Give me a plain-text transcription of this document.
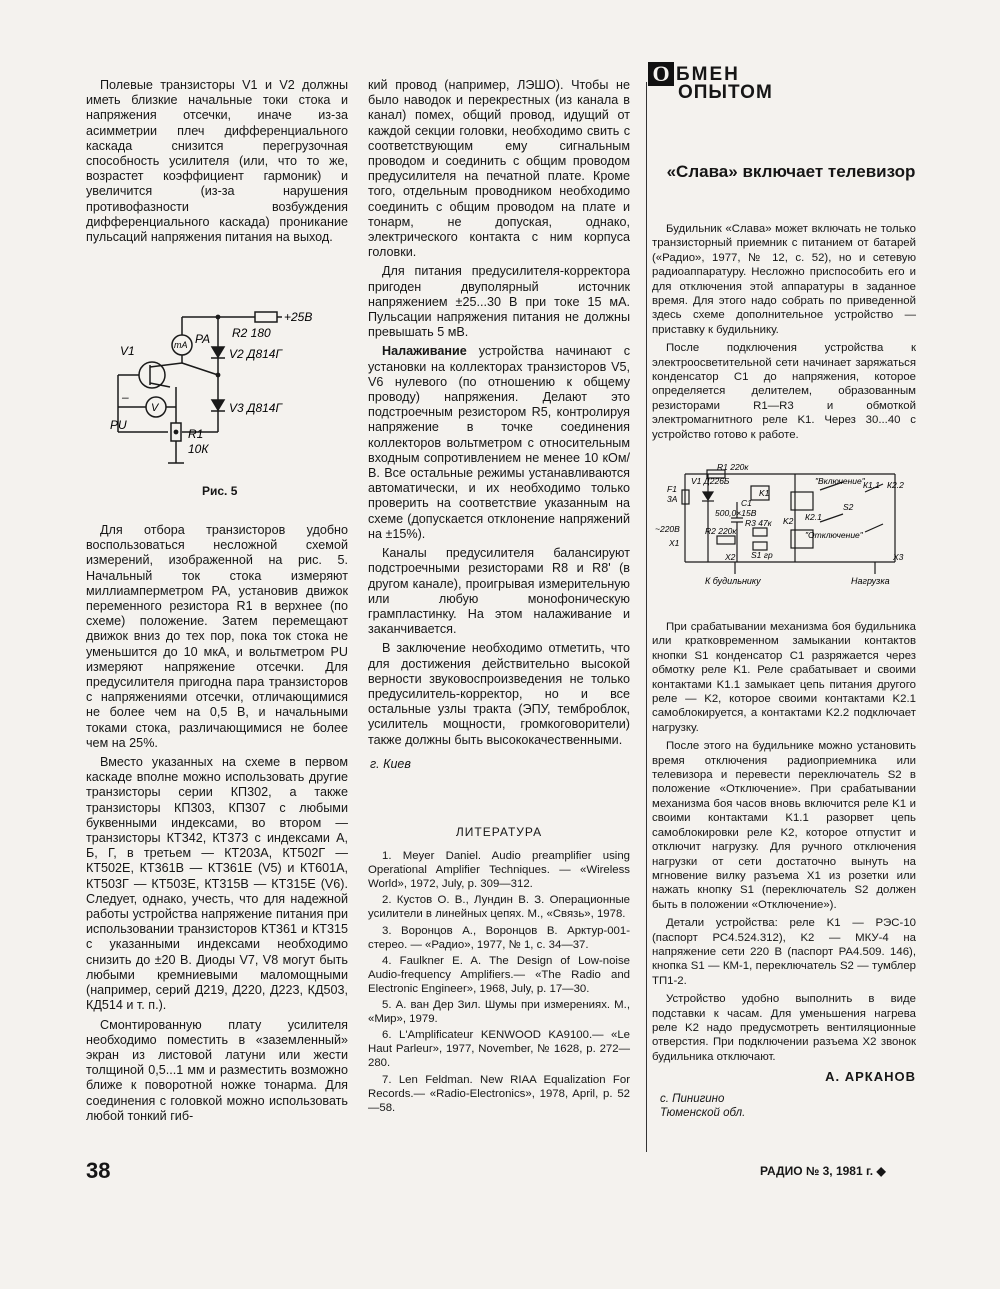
Полевые транзисторы V1 и V2 должны иметь близкие начальные токи стока и напряжения отсечки, иначе из-за асимметрии плеч дифференциального каскада снизится перегрузочная способность усилителя (или, что то же, возрастет коэффициент гармоник) и увеличится (из-за нарушения противофазности возбуждения дифференциального каскада) проникание пульсаций напряжения питания на выход.

+25В
R2 180
V2 Д814Г
V3 Д814Г
V1
PA
mA
V
PU
R1
10К
–
Рис. 5

Для отбора транзисторов удобно воспользоваться несложной схемой измерений, изображенной на рис. 5. Начальный ток стока измеряют миллиамперметром PA, установив движок переменного резистора R1 в верхнее (по схеме) положение. Затем перемещают движок вниз до тех пор, пока ток стока не уменьшится до 10 мкА, и вольтметром PU измеряют напряжение отсечки. Для предусилителя пригодна пара транзисторов с напряжениями отсечки, отличающимися не более чем на 0,5 В, и начальными токами стока, различающимися не более чем на 25%.

Вместо указанных на схеме в первом каскаде вполне можно использовать другие транзисторы серии КП302, а также транзисторы КП303, КП307 с любыми буквенными индексами, во втором — транзисторы КТ342, КТ373 с индексами А, Б, Г, в третьем — КТ203А, КТ502Г — КТ502Е, КТ361В — КТ361Е (V5) и КТ601А, КТ503Г — КТ503Е, КТ315В — КТ315Е (V6). Следует, однако, учесть, что для надежной работы устройства напряжение питания при использовании транзисторов КТ361 и КТ315 с указанными индексами необходимо снизить до ±20 В. Диоды V7, V8 могут быть любыми кремниевыми маломощными (например, серий Д219, Д220, Д223, КД503, КД514 и т. п.).

Смонтированную плату усилителя необходимо поместить в «заземленный» экран из листовой латуни или жести толщиной 0,5...1 мм и разместить возможно ближе к поворотной ножке тонарма. Для соединения с головкой можно использовать любой тонкий гиб-

кий провод (например, ЛЭШО). Чтобы не было наводок и перекрестных (из канала в канал) помех, общий провод, идущий от каждой секции головки, необходимо свить с соответствующим ему сигнальным проводом и соединить с общим проводом предусилителя на печатной плате. Кроме того, отдельным проводником необходимо соединить с общим проводом на плате и тонарм, не допуская, однако, электрического контакта с ним корпуса головки.

Для питания предусилителя-корректора пригоден двуполярный источник напряжением ±25...30 В при токе 15 мА. Пульсации напряжения питания не должны превышать 5 мВ.

Налаживание устройства начинают с установки на коллекторах транзисторов V5, V6 нулевого (по отношению к общему проводу) напряжения. Делают это подстроечным резистором R5, контролируя напряжение в точке соединения коллекторов вольтметром с относительным входным сопротивлением не менее 10 кОм/В. Все остальные режимы устанавливаются автоматически, и их необходимо только проверить на соответствие указанным на схеме (допускается отклонение напряжений на ±15%).

Каналы предусилителя балансируют подстроечными резисторами R8 и R8' (в другом канале), проигрывая измерительную или любую монофоническую грампластинку. На этом налаживание и заканчивается.

В заключение необходимо отметить, что для достижения действительно высокой верности звуковоспроизведения не только предусилитель-корректор, но и все остальные узлы тракта (ЭПУ, темброблок, усилитель мощности, громкоговорители) также должны быть высококачественными.

г. Киев
ЛИТЕРАТУРА
1. Meyer Daniel. Audio preamplifier using Operational Amplifier Techniques. — «Wireless World», 1972, July, p. 309—312.
2. Кустов О. В., Лундин В. З. Операционные усилители в линейных цепях. М., «Связь», 1978.
3. Воронцов А., Воронцов В. Арктур-001-стерео. — «Радио», 1977, № 1, с. 34—37.
4. Faulkner E. A. The Design of Low-noise Audio-frequency Amplifiers.— «The Radio and Electronic Engineer», 1968, July, p. 17—30.
5. А. ван Дер Зил. Шумы при измерениях. М., «Мир», 1979.
6. L'Amplificateur KENWOOD KA9100.— «Le Haut Parleur», 1977, November, № 1628, p. 272—280.
7. Len Feldman. New RIAA Equalization For Records.— «Radio-Electronics», 1978, April, p. 52—58.
О БМЕН
ОПЫТОМ
«Слава» включает телевизор

Будильник «Слава» может включать не только транзисторный приемник с питанием от батарей («Радио», 1977, № 12, с. 52), но и сетевую радиоаппаратуру. Несложно приспособить его и для отключения этой аппаратуры в заданное время. Для этого надо собрать по приведенной здесь схеме дополнительное устройство — приставку к будильнику.

После подключения устройства к электроосветительной сети начинает заряжаться конденсатор C1 до напряжения, которое определяется делителем, образованным резисторами R1—R3 и обмоткой электромагнитного реле K1. Через 30...40 с устройство готово к работе.

R1 220к
V1 Д226Б
F1
3А	C1
500,0×15В
R3 47к
R2 220к
S1 гр
K1
K2
К1.1 К2.2
К2.1
S2
"Включение"
"Отключение"
~220В
X1
X2	X3
К будильнику	Нагрузка

При срабатывании механизма боя будильника или кратковременном замыкании контактов кнопки S1 конденсатор C1 разряжается через обмотку реле K1. Реле срабатывает и своими контактами K1.1 замыкает цепь питания другого реле — K2, которое своими контактами K2.1 самоблокируется, а контактами K2.2 подключает нагрузку.

После этого на будильнике можно установить время отключения радиоприемника или телевизора и перевести переключатель S2 в положение «Отключение». При срабатывании механизма боя часов вновь включится реле K1 и своими контактами K1.1 разорвет цепь самоблокировки реле K2, которое отпустит и отключит нагрузку. Для ручного отключения нагрузки от сети достаточно вынуть на мгновение вилку разъема X1 из розетки или нажать кнопку S1 (переключатель S2 должен быть в положении «Отключение»).

Детали устройства: реле K1 — РЭС-10 (паспорт РС4.524.312), K2 — МКУ-4 на напряжение сети 220 В (паспорт РА4.509. 146), кнопка S1 — КМ-1, переключатель S2 — тумблер ТП1-2.

Устройство удобно выполнить в виде подставки к часам. Для уменьшения нагрева реле K2 надо предусмотреть вентиляционные отверстия. При подключении разъема X2 звонок будильника отключают.

А. АРКАНОВ
с. Пинигино
Тюменской обл.
38	РАДИО № 3, 1981 г. ◆
